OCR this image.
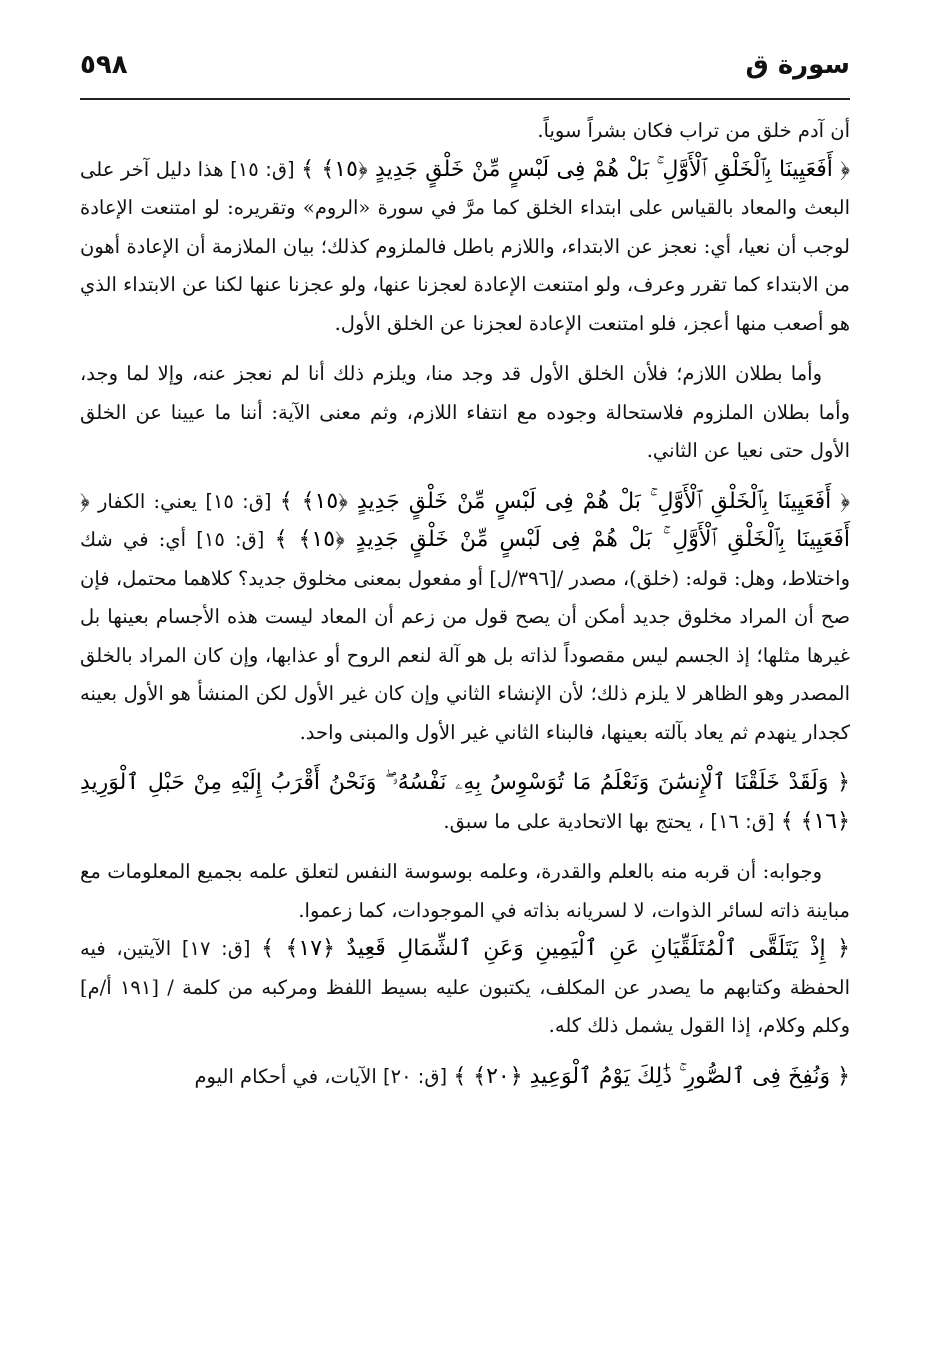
٥٩٨	سورة ق

أن آدم خلق من تراب فكان بشراً سوياً.

﴿ أَفَعَيِينَا بِٱلْخَلْقِ ٱلْأَوَّلِ ۚ بَلْ هُمْ فِى لَبْسٍ مِّنْ خَلْقٍ جَدِيدٍ ﴿١٥﴾ ﴾ [ق: ١٥] هذا دليل آخر على البعث والمعاد بالقياس على ابتداء الخلق كما مرَّ في سورة «الروم» وتقريره: لو امتنعت الإعادة لوجب أن نعيا، أي: نعجز عن الابتداء، واللازم باطل فالملزوم كذلك؛ بيان الملازمة أن الإعادة أهون من الابتداء كما تقرر وعرف، ولو امتنعت الإعادة لعجزنا عنها، ولو عجزنا عنها لكنا عن الابتداء الذي هو أصعب منها أعجز، فلو امتنعت الإعادة لعجزنا عن الخلق الأول.

وأما بطلان اللازم؛ فلأن الخلق الأول قد وجد منا، ويلزم ذلك أنا لم نعجز عنه، وإلا لما وجد، وأما بطلان الملزوم فلاستحالة وجوده مع انتفاء اللازم، وثم معنى الآية: أننا ما عيينا عن الخلق الأول حتى نعيا عن الثاني.

﴿ أَفَعَيِينَا بِٱلْخَلْقِ ٱلْأَوَّلِ ۚ بَلْ هُمْ فِى لَبْسٍ مِّنْ خَلْقٍ جَدِيدٍ ﴿١٥﴾ ﴾ [ق: ١٥] يعني: الكفار ﴿ أَفَعَيِينَا بِٱلْخَلْقِ ٱلْأَوَّلِ ۚ بَلْ هُمْ فِى لَبْسٍ مِّنْ خَلْقٍ جَدِيدٍ ﴿١٥﴾ ﴾ [ق: ١٥] أي: في شك واختلاط، وهل: قوله: (خلق)، مصدر /[٣٩٦/ل] أو مفعول بمعنى مخلوق جديد؟ كلاهما محتمل، فإن صح أن المراد مخلوق جديد أمكن أن يصح قول من زعم أن المعاد ليست هذه الأجسام بعينها بل غيرها مثلها؛ إذ الجسم ليس مقصوداً لذاته بل هو آلة لنعم الروح أو عذابها، وإن كان المراد بالخلق المصدر وهو الظاهر لا يلزم ذلك؛ لأن الإنشاء الثاني وإن كان غير الأول لكن المنشأ هو الأول بعينه كجدار ينهدم ثم يعاد بآلته بعينها، فالبناء الثاني غير الأول والمبنى واحد.

﴿ وَلَقَدْ خَلَقْنَا ٱلْإِنسَٰنَ وَنَعْلَمُ مَا تُوَسْوِسُ بِهِۦ نَفْسُهُۥ ۖ وَنَحْنُ أَقْرَبُ إِلَيْهِ مِنْ حَبْلِ ٱلْوَرِيدِ ﴿١٦﴾ ﴾ [ق: ١٦] ، يحتج بها الاتحادية على ما سبق.

وجوابه: أن قربه منه بالعلم والقدرة، وعلمه بوسوسة النفس لتعلق علمه بجميع المعلومات مع مباينة ذاته لسائر الذوات، لا لسريانه بذاته في الموجودات، كما زعموا.

﴿ إِذْ يَتَلَقَّى ٱلْمُتَلَقِّيَانِ عَنِ ٱلْيَمِينِ وَعَنِ ٱلشِّمَالِ قَعِيدٌ ﴿١٧﴾ ﴾ [ق: ١٧] الآيتين، فيه الحفظة وكتابهم ما يصدر عن المكلف، يكتبون عليه بسيط اللفظ ومركبه من كلمة / [١٩١ أ/م] وكلم وكلام، إذا القول يشمل ذلك كله.

﴿ وَنُفِخَ فِى ٱلصُّورِ ۚ ذَٰلِكَ يَوْمُ ٱلْوَعِيدِ ﴿٢٠﴾ ﴾ [ق: ٢٠] الآيات، في أحكام اليوم
